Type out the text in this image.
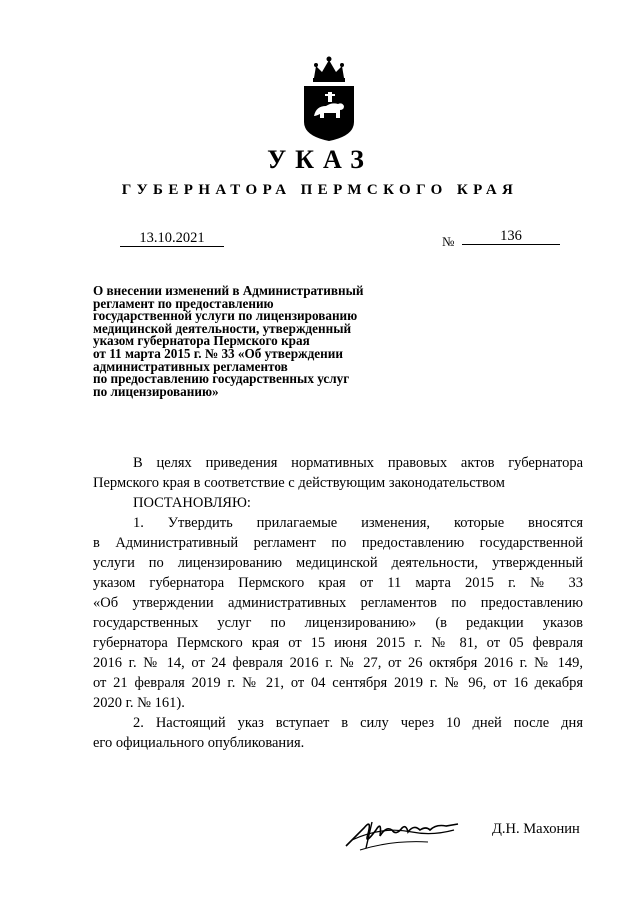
УКАЗ
ГУБЕРНАТОРА ПЕРМСКОГО КРАЯ
13.10.2021	№	136
О внесении изменений в Административный
регламент по предоставлению
государственной услуги по лицензированию
медицинской деятельности, утвержденный
указом губернатора Пермского края
от 11 марта 2015 г. № 33 «Об утверждении
административных регламентов
по предоставлению государственных услуг
по лицензированию»
В целях приведения нормативных правовых актов губернатора
Пермского края в соответствие с действующим законодательством
ПОСТАНОВЛЯЮ:
1. Утвердить прилагаемые изменения, которые вносятся
в Административный регламент по предоставлению государственной
услуги по лицензированию медицинской деятельности, утвержденный
указом губернатора Пермского края от 11 марта 2015 г. № 33
«Об утверждении административных регламентов по предоставлению
государственных услуг по лицензированию» (в редакции указов
губернатора Пермского края от 15 июня 2015 г. № 81, от 05 февраля
2016 г. № 14, от 24 февраля 2016 г. № 27, от 26 октября 2016 г. № 149,
от 21 февраля 2019 г. № 21, от 04 сентября 2019 г. № 96, от 16 декабря
2020 г. № 161).
2. Настоящий указ вступает в силу через 10 дней после дня
его официального опубликования.
Д.Н. Махонин
